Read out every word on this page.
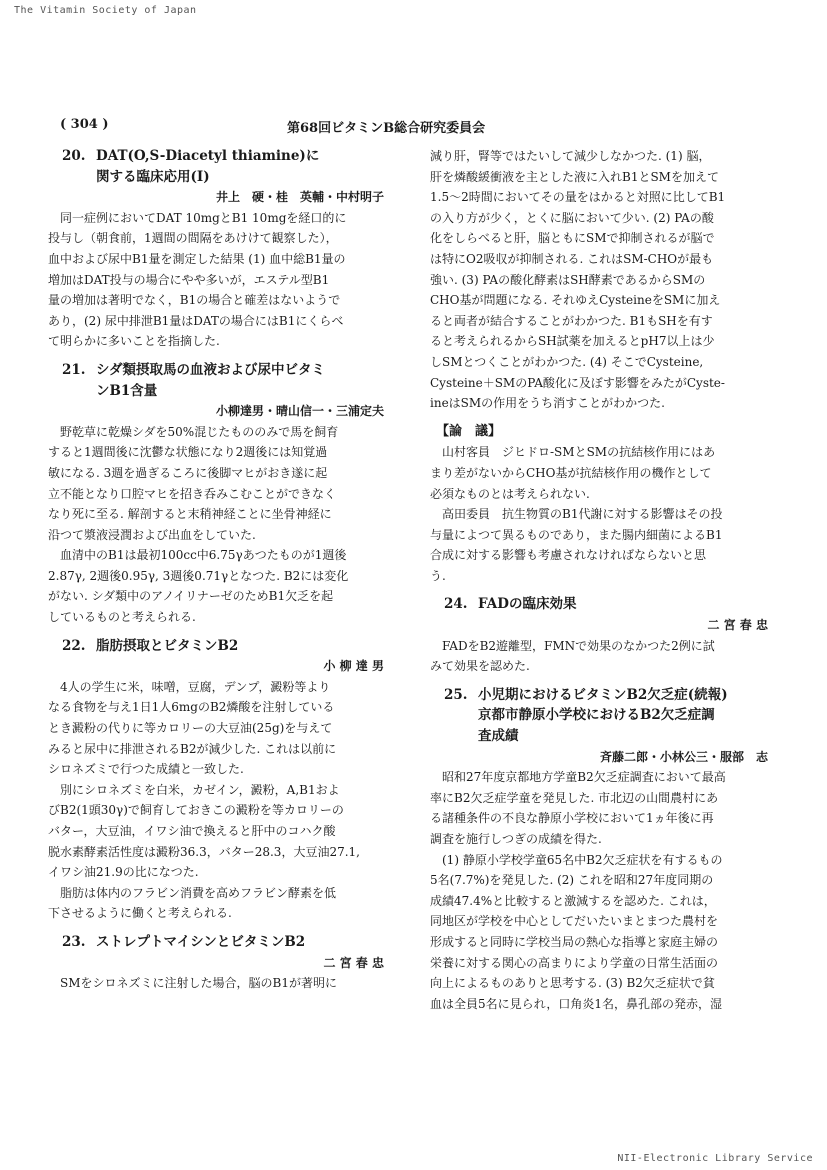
The Vitamin Society of Japan
( 304 )	第68回ビタミンB総合研究委員会
20. DAT(O,S-Diacetyl thiamine)に
関する臨床応用(I)
井上　硬・桂　英輔・中村明子
同一症例においてDAT 10mgとB1 10mgを経口的に
投与し（朝食前，1週間の間隔をあけけて観察した），
血中および尿中B1量を測定した結果 (1) 血中総B1量の
増加はDAT投与の場合にやや多いが，エステル型B1
量の増加は著明でなく，B1の場合と確差はないようで
あり，(2) 尿中排泄B1量はDATの場合にはB1にくらべ
て明らかに多いことを指摘した.
21. シダ類摂取馬の血液および尿中ビタミ
ンB1含量
小柳達男・晴山信一・三浦定夫
野乾草に乾燥シダを50%混じたもののみで馬を飼育
すると1週間後に沈鬱な状態になり2週後には知覚過
敏になる. 3週を過ぎるころに後脚マヒがおき遂に起
立不能となり口腔マヒを招き呑みこむことができなく
なり死に至る. 解剖すると末稍神経ことに坐骨神経に
沿つて漿液浸潤および出血をしていた.
血清中のB1は最初100cc中6.75γあつたものが1週後
2.87γ, 2週後0.95γ, 3週後0.71γとなつた. B2には変化
がない. シダ類中のアノイリナーゼのためB1欠乏を起
しているものと考えられる.
22. 脂肪摂取とビタミンB2
小 柳 達 男
4人の学生に米，味噌，豆腐，デンプ，澱粉等より
なる食物を与え1日1人6mgのB2燐酸を注射している
とき澱粉の代りに等カロリーの大豆油(25g)を与えて
みると尿中に排泄されるB2が減少した. これは以前に
シロネズミで行つた成績と一致した.
別にシロネズミを白米，カゼイン，澱粉，A,B1およ
びB2(1頭30γ)で飼育しておきこの澱粉を等カロリーの
バター，大豆油，イワシ油で換えると肝中のコハク酸
脱水素酵素活性度は澱粉36.3，バター28.3，大豆油27.1,
イワシ油21.9の比になつた.
脂肪は体内のフラビン消費を高めフラビン酵素を低
下させるように働くと考えられる.
23. ストレプトマイシンとビタミンB2
二 宮 春 忠
SMをシロネズミに注射した場合，脳のB1が著明に
減り肝，腎等ではたいして減少しなかつた. (1) 脳，
肝を燐酸緩衝液を主とした液に入れB1とSMを加えて
1.5～2時間においてその量をはかると対照に比してB1
の入り方が少く，とくに脳において少い. (2) PAの酸
化をしらべると肝，脳ともにSMで抑制されるが脳で
は特にO2吸収が抑制される. これはSM-CHOが最も
強い. (3) PAの酸化酵素はSH酵素であるからSMの
CHO基が問題になる. それゆえCysteineをSMに加え
ると両者が結合することがわかつた. B1もSHを有す
ると考えられるからSH試薬を加えるとpH7以上は少
しSMとつくことがわかつた. (4) そこでCysteine,
Cysteine＋SMのPA酸化に及ぼす影響をみたがCyste-
ineはSMの作用をうち消すことがわかつた.
【論　議】
山村客員　ジヒドロ-SMとSMの抗結核作用にはあ
まり差がないからCHO基が抗結核作用の機作として
必須なものとは考えられない.
高田委員　抗生物質のB1代謝に対する影響はその投
与量によつて異るものであり，また腸内細菌によるB1
合成に対する影響も考慮されなければならないと思
う.
24. FADの臨床効果
二 宮 春 忠
FADをB2遊離型，FMNで効果のなかつた2例に試
みて効果を認めた.
25. 小児期におけるビタミンB2欠乏症(続報)
京都市静原小学校におけるB2欠乏症調
査成績
斉藤二郎・小林公三・服部　志
昭和27年度京都地方学童B2欠乏症調査において最高
率にB2欠乏症学童を発見した. 市北辺の山間農村にあ
る諸種条件の不良な静原小学校において1ヵ年後に再
調査を施行しつぎの成績を得た.
(1) 静原小学校学童65名中B2欠乏症状を有するもの
5名(7.7%)を発見した. (2) これを昭和27年度同期の
成績47.4%と比較すると激減するを認めた. これは，
同地区が学校を中心としてだいたいまとまつた農村を
形成すると同時に学校当局の熱心な指導と家庭主婦の
栄養に対する関心の高まりにより学童の日常生活面の
向上によるものありと思考する. (3) B2欠乏症状で貧
血は全員5名に見られ，口角炎1名，鼻孔部の発赤，湿
NII-Electronic Library Service
